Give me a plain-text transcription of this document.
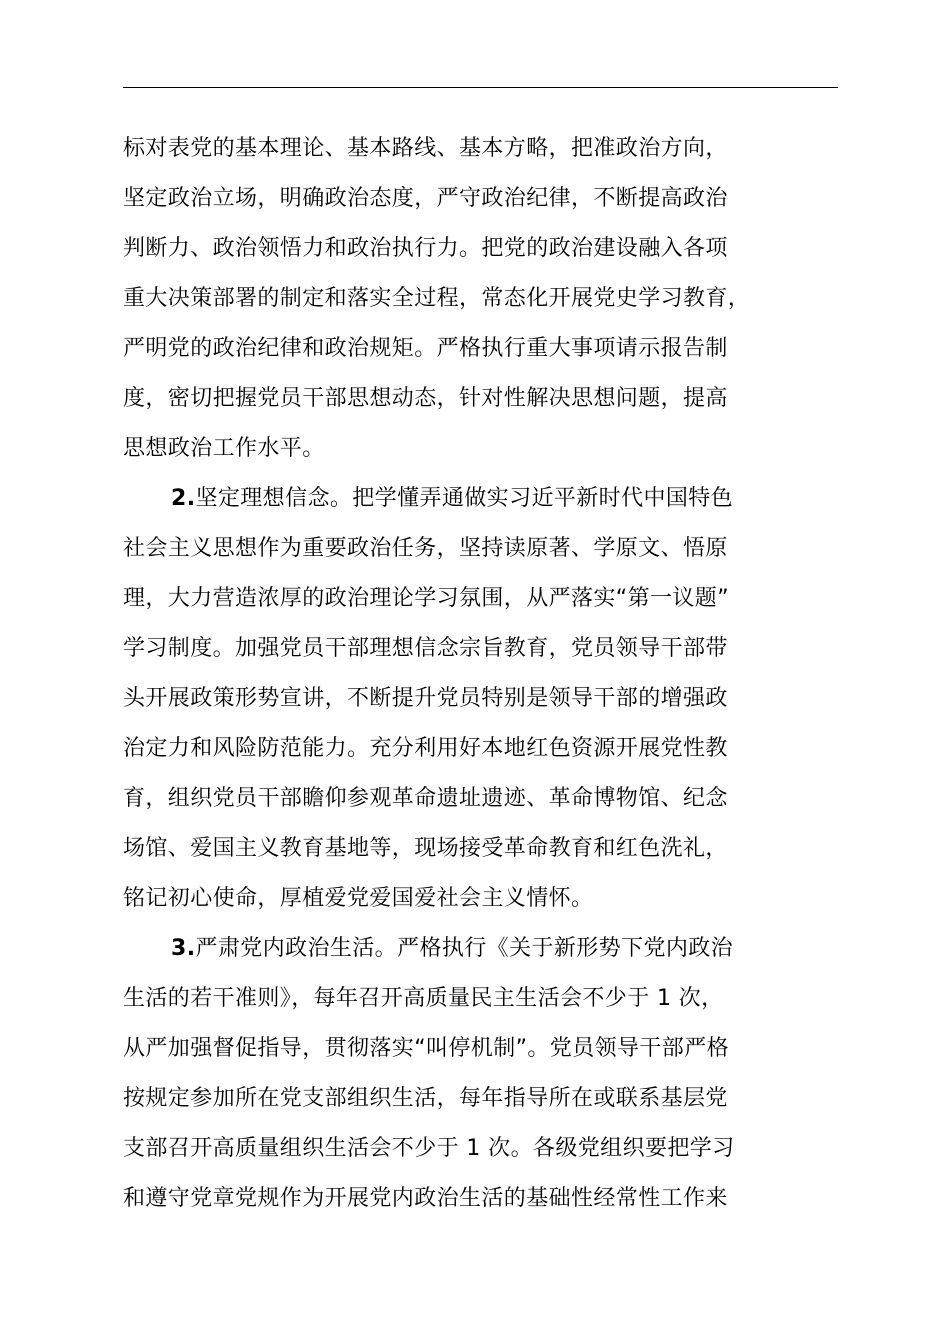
标对表党的基本理论、基本路线、基本方略，把准政治方向，
坚定政治立场，明确政治态度，严守政治纪律，不断提高政治
判断力、政治领悟力和政治执行力。把党的政治建设融入各项
重大决策部署的制定和落实全过程，常态化开展党史学习教育，
严明党的政治纪律和政治规矩。严格执行重大事项请示报告制
度，密切把握党员干部思想动态，针对性解决思想问题，提高
思想政治工作水平。
2.坚定理想信念。把学懂弄通做实习近平新时代中国特色
社会主义思想作为重要政治任务，坚持读原著、学原文、悟原
理，大力营造浓厚的政治理论学习氛围，从严落实“第一议题”
学习制度。加强党员干部理想信念宗旨教育，党员领导干部带
头开展政策形势宣讲，不断提升党员特别是领导干部的增强政
治定力和风险防范能力。充分利用好本地红色资源开展党性教
育，组织党员干部瞻仰参观革命遗址遗迹、革命博物馆、纪念
场馆、爱国主义教育基地等，现场接受革命教育和红色洗礼，
铭记初心使命，厚植爱党爱国爱社会主义情怀。
3.严肃党内政治生活。严格执行《关于新形势下党内政治
生活的若干准则》，每年召开高质量民主生活会不少于 1 次，
从严加强督促指导，贯彻落实“叫停机制”。党员领导干部严格
按规定参加所在党支部组织生活，每年指导所在或联系基层党
支部召开高质量组织生活会不少于 1 次。各级党组织要把学习
和遵守党章党规作为开展党内政治生活的基础性经常性工作来
